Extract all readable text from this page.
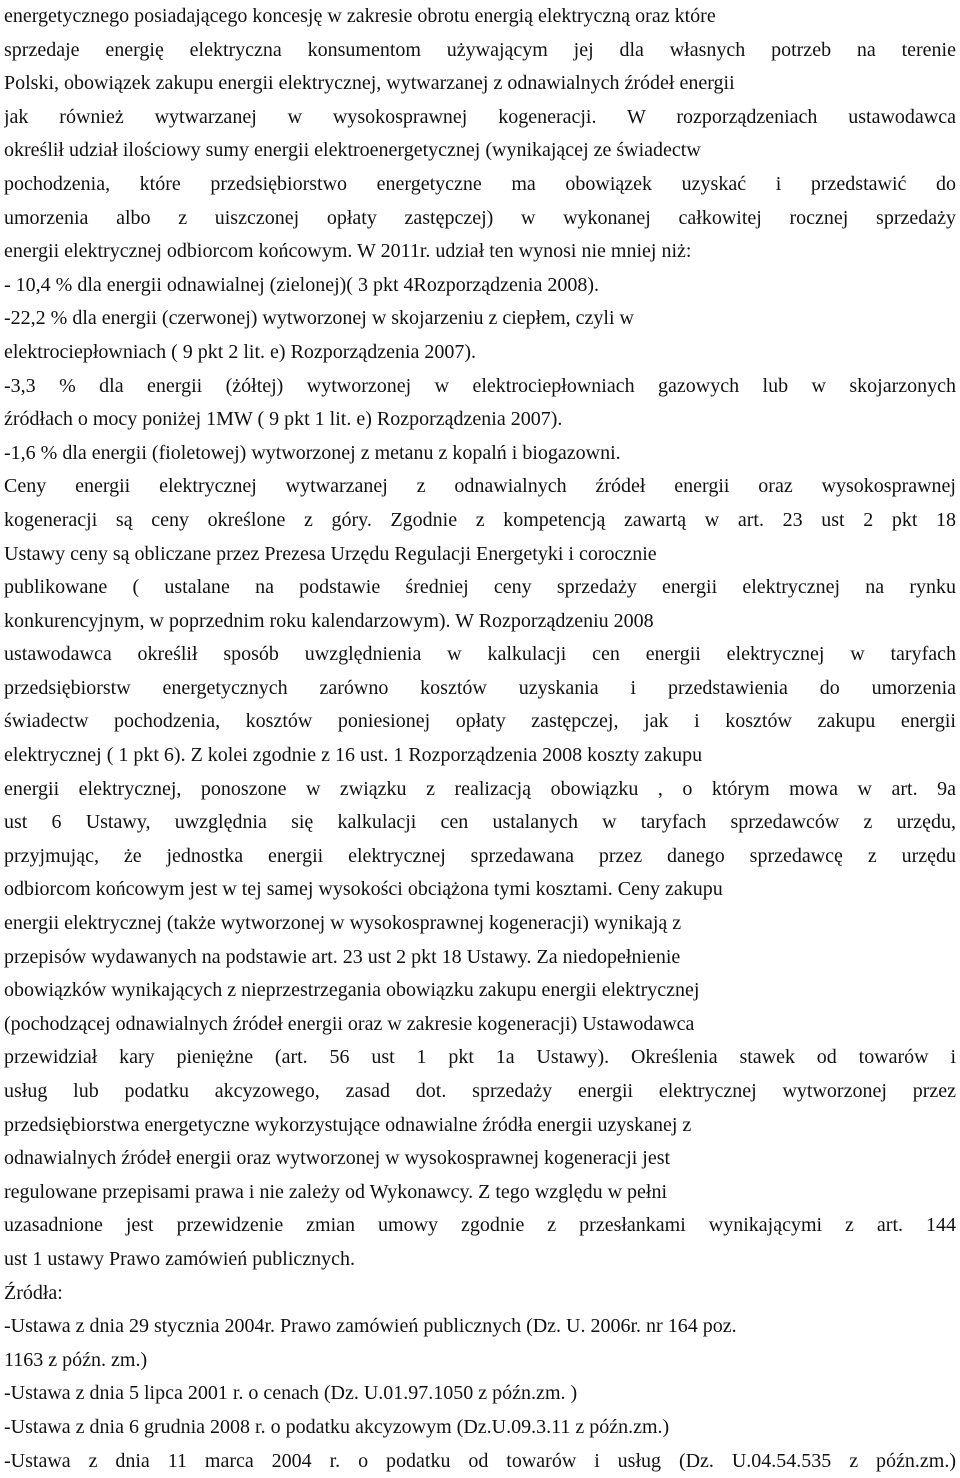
energetycznego posiadającego koncesję w zakresie obrotu energią elektryczną oraz które
sprzedaje energię elektryczna konsumentom używającym jej dla własnych potrzeb na terenie
Polski, obowiązek zakupu energii elektrycznej, wytwarzanej z odnawialnych źródeł energii
jak również wytwarzanej w wysokosprawnej kogeneracji. W rozporządzeniach ustawodawca
określił udział ilościowy sumy energii elektroenergetycznej (wynikającej ze świadectw
pochodzenia, które przedsiębiorstwo energetyczne ma obowiązek uzyskać i przedstawić do
umorzenia albo z uiszczonej opłaty zastępczej) w wykonanej całkowitej rocznej sprzedaży
energii elektrycznej odbiorcom końcowym. W 2011r. udział ten wynosi nie mniej niż:
- 10,4 % dla energii odnawialnej (zielonej)( 3 pkt 4Rozporządzenia 2008).
-22,2 % dla energii (czerwonej) wytworzonej w skojarzeniu z ciepłem, czyli w
elektrociepłowniach ( 9 pkt 2 lit. e) Rozporządzenia 2007).
-3,3 % dla energii (żółtej) wytworzonej w elektrociepłowniach gazowych lub w skojarzonych
źródłach o mocy poniżej 1MW ( 9 pkt 1 lit. e) Rozporządzenia 2007).
-1,6 % dla energii (fioletowej) wytworzonej z metanu z kopalń i biogazowni.
Ceny energii elektrycznej wytwarzanej z odnawialnych źródeł energii oraz wysokosprawnej
kogeneracji są ceny określone z góry. Zgodnie z kompetencją zawartą w art. 23 ust 2 pkt 18
Ustawy ceny są obliczane przez Prezesa Urzędu Regulacji Energetyki i corocznie
publikowane ( ustalane na podstawie średniej ceny sprzedaży energii elektrycznej na rynku
konkurencyjnym, w poprzednim roku kalendarzowym). W Rozporządzeniu 2008
ustawodawca określił sposób uwzględnienia w kalkulacji cen energii elektrycznej w taryfach
przedsiębiorstw energetycznych zarówno kosztów uzyskania i przedstawienia do umorzenia
świadectw pochodzenia, kosztów poniesionej opłaty zastępczej, jak i kosztów zakupu energii
elektrycznej ( 1 pkt 6). Z kolei zgodnie z 16 ust. 1 Rozporządzenia 2008 koszty zakupu
energii elektrycznej, ponoszone w związku z realizacją obowiązku , o którym mowa w art. 9a
ust 6 Ustawy, uwzględnia się kalkulacji cen ustalanych w taryfach sprzedawców z urzędu,
przyjmując, że jednostka energii elektrycznej sprzedawana przez danego sprzedawcę z urzędu
odbiorcom końcowym jest w tej samej wysokości obciążona tymi kosztami. Ceny zakupu
energii elektrycznej (także wytworzonej w wysokosprawnej kogeneracji) wynikają z
przepisów wydawanych na podstawie art. 23 ust 2 pkt 18 Ustawy. Za niedopełnienie
obowiązków wynikających z nieprzestrzegania obowiązku zakupu energii elektrycznej
(pochodzącej odnawialnych źródeł energii oraz w zakresie kogeneracji) Ustawodawca
przewidział kary pieniężne (art. 56 ust 1 pkt 1a Ustawy). Określenia stawek od towarów i
usług lub podatku akcyzowego, zasad dot. sprzedaży energii elektrycznej wytworzonej przez
przedsiębiorstwa energetyczne wykorzystujące odnawialne źródła energii uzyskanej z
odnawialnych źródeł energii oraz wytworzonej w wysokosprawnej kogeneracji jest
regulowane przepisami prawa i nie zależy od Wykonawcy. Z tego względu w pełni
uzasadnione jest przewidzenie zmian umowy zgodnie z przesłankami wynikającymi z art. 144
ust 1 ustawy Prawo zamówień publicznych.
Źródła:
-Ustawa z dnia 29 stycznia 2004r. Prawo zamówień publicznych (Dz. U. 2006r. nr 164 poz.
1163 z późn. zm.)
-Ustawa z dnia 5 lipca 2001 r. o cenach (Dz. U.01.97.1050 z późn.zm. )
-Ustawa z dnia 6 grudnia 2008 r. o podatku akcyzowym (Dz.U.09.3.11 z późn.zm.)
-Ustawa z dnia 11 marca 2004 r. o podatku od towarów i usług (Dz. U.04.54.535 z późn.zm.)
